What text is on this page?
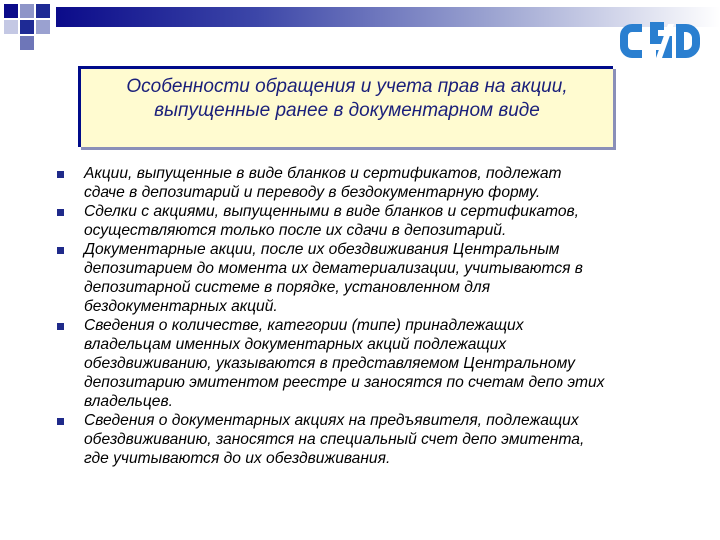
Особенности обращения и учета прав на акции,
выпущенные ранее в документарном виде
Акции, выпущенные в виде бланков и сертификатов, подлежат
сдаче в депозитарий и переводу в бездокументарную форму.
Сделки с акциями, выпущенными в виде бланков и сертификатов,
осуществляются только после их сдачи в депозитарий.
Документарные акции, после их обездвиживания Центральным
депозитарием до момента их дематериализации, учитываются в
депозитарной системе в порядке, установленном для
бездокументарных акций.
Сведения о количестве, категории (типе) принадлежащих
владельцам именных документарных акций подлежащих
обездвиживанию, указываются в представляемом Центральному
депозитарию эмитентом реестре и заносятся по счетам депо этих
владельцев.
Сведения о документарных акциях на предъявителя, подлежащих
обездвиживанию, заносятся на специальный счет депо эмитента,
где учитываются до их обездвиживания.
